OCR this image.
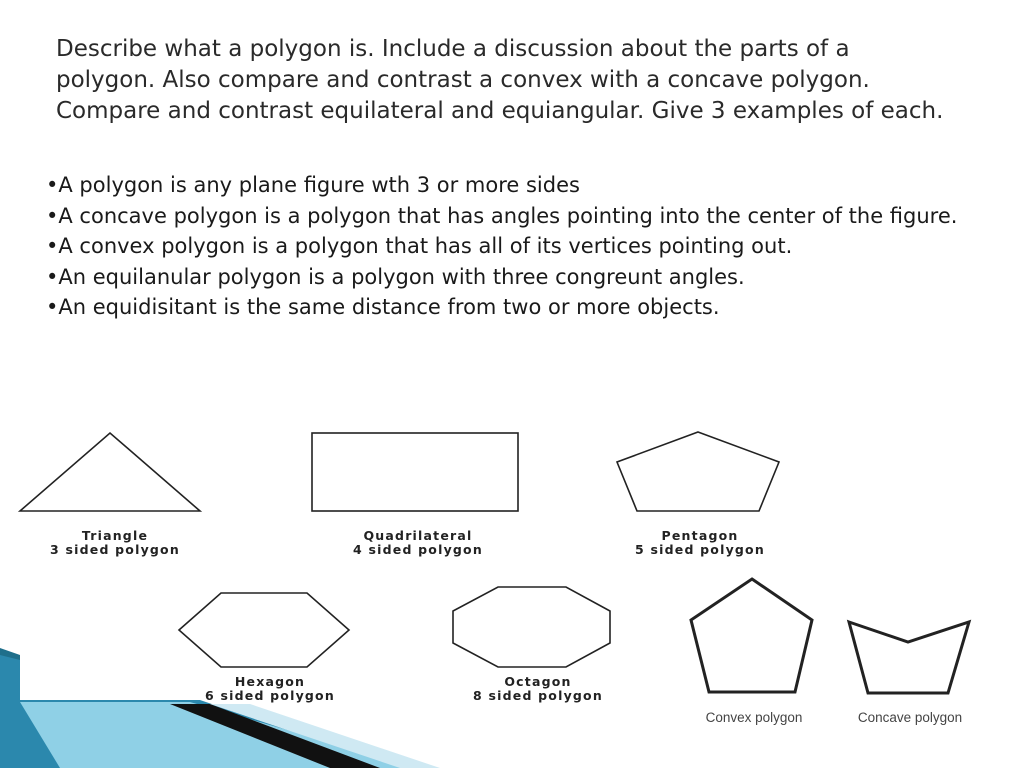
Describe what a polygon is. Include a discussion about the parts of a polygon. Also compare and contrast a convex with a concave polygon. Compare and contrast equilateral and equiangular. Give 3 examples of each.

•A polygon is any plane figure wth 3 or more sides

•A concave polygon is a polygon that has angles pointing into the center of the figure.

•A convex polygon is a polygon that has all of its vertices pointing out.

•An equilanular polygon is a polygon with three congreunt angles.

•An equidisitant is the same distance from two or more objects.

Triangle
3 sided polygon
Quadrilateral
4 sided polygon
Pentagon
5 sided polygon
Hexagon
6 sided polygon
Octagon
8 sided polygon
Convex polygon	Concave polygon
